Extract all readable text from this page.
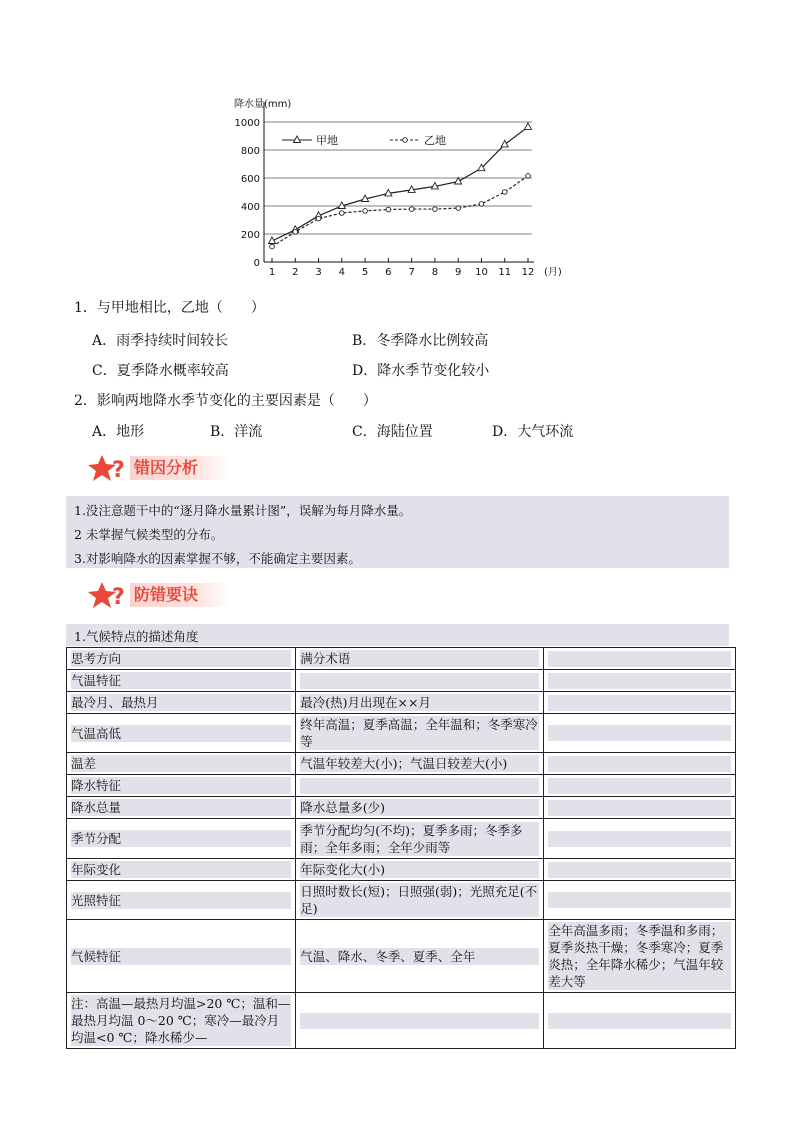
0
200
400
600
800
1000
1 2 3 4 5 6 7 8 9 10 11 12
降水量(mm)
(月)
甲地	乙地
1．与甲地相比，乙地（　　）
A．雨季持续时间较长	B．冬季降水比例较高
C．夏季降水概率较高	D．降水季节变化较小
2．影响两地降水季节变化的主要因素是（　　）
A．地形	B．洋流	C．海陆位置	D．大气环流
? 错因分析
1.没注意题干中的“逐月降水量累计图”，误解为每月降水量。
2 未掌握气候类型的分布。
3.对影响降水的因素掌握不够，不能确定主要因素。
? 防错要诀
1.气候特点的描述角度
思考方向	满分术语	

气温特征		

最冷月、最热月	最冷(热)月出现在××月	

气温高低	终年高温；夏季高温；全年温和；冬季寒冷等	

温差	气温年较差大(小)；气温日较差大(小)	

降水特征		

降水总量	降水总量多(少)	

季节分配	季节分配均匀(不均)；夏季多雨；冬季多雨；全年多雨；全年少雨等	

年际变化	年际变化大(小)	

光照特征	日照时数长(短)；日照强(弱)；光照充足(不足)	

气候特征	气温、降水、冬季、夏季、全年	全年高温多雨；冬季温和多雨；夏季炎热干燥；冬季寒冷；夏季炎热；全年降水稀少；气温年较差大等

注：高温—最热月均温>20 ℃；温和—最热月均温 0～20 ℃；寒冷—最冷月均温<0 ℃；降水稀少—		
